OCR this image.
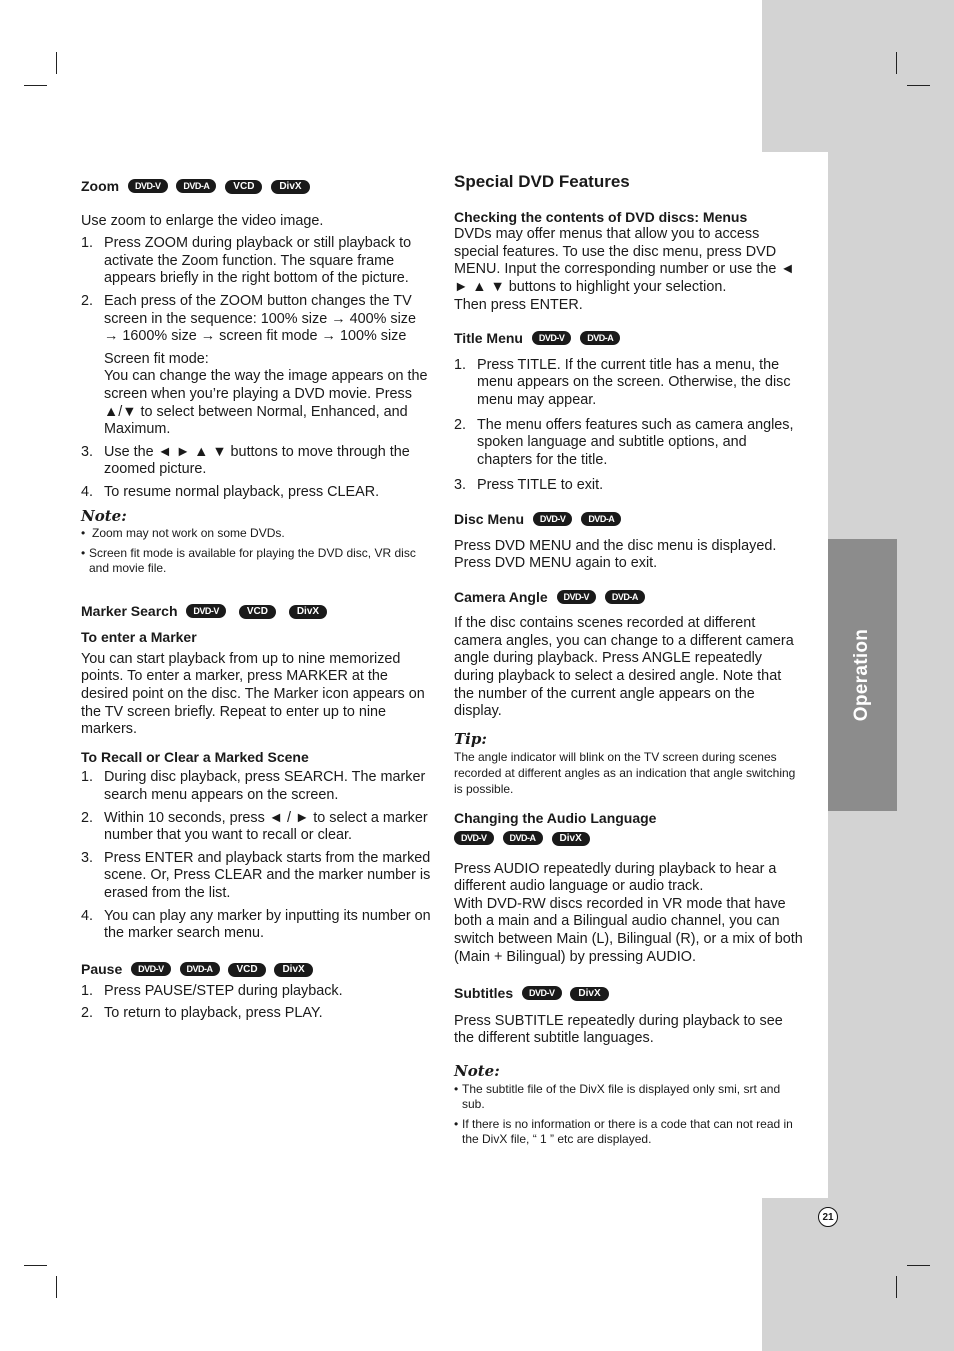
Operation
21
Zoom DVD-V	DVD-A VCD DivX

Use zoom to enlarge the video image.

1. Press ZOOM during playback or still playback to activate the Zoom function. The square frame appears briefly in the right bottom of the picture.
2. Each press of the ZOOM button changes the TV screen in the sequence: 100% size → 400% size → 1600% size → screen fit mode → 100% size

Screen fit mode:

You can change the way the image appears on the screen when you’re playing a DVD movie. Press ▲/▼ to select between Normal, Enhanced, and Maximum.

3. Use the ◄ ► ▲ ▼ buttons to move through the zoomed picture.
4. To resume normal playback, press CLEAR.
Note:
• Zoom may not work on some DVDs.
• Screen fit mode is available for playing the DVD disc, VR disc and movie file.
Marker Search DVD-V	VCD	DivX
To enter a Marker

You can start playback from up to nine memorized points. To enter a marker, press MARKER at the desired point on the disc. The Marker icon appears on the TV screen briefly. Repeat to enter up to nine markers.

To Recall or Clear a Marked Scene
1. During disc playback, press SEARCH. The marker search menu appears on the screen.
2. Within 10 seconds, press ◄ / ► to select a marker number that you want to recall or clear.
3. Press ENTER and playback starts from the marked scene. Or, Press CLEAR and the marker number is erased from the list.
4. You can play any marker by inputting its number on the marker search menu.
Pause DVD-V	DVD-A VCD DivX
1. Press PAUSE/STEP during playback.
2. To return to playback, press PLAY.
Special DVD Features
Checking the contents of DVD discs: Menus

DVDs may offer menus that allow you to access special features. To use the disc menu, press DVD MENU. Input the corresponding number or use the ◄ ► ▲ ▼ buttons to highlight your selection.

Then press ENTER.

Title Menu DVD-V	DVD-A
1. Press TITLE. If the current title has a menu, the menu appears on the screen. Otherwise, the disc menu may appear.
2. The menu offers features such as camera angles, spoken language and subtitle options, and chapters for the title.
3. Press TITLE to exit.
Disc Menu DVD-V	DVD-A

Press DVD MENU and the disc menu is displayed. Press DVD MENU again to exit.

Camera Angle DVD-V	DVD-A

If the disc contains scenes recorded at different camera angles, you can change to a different camera angle during playback. Press ANGLE repeatedly during playback to select a desired angle. Note that the number of the current angle appears on the display.

Tip:

The angle indicator will blink on the TV screen during scenes recorded at different angles as an indication that angle switching is possible.

Changing the Audio Language
DVD-V	DVD-A DivX

Press AUDIO repeatedly during playback to hear a different audio language or audio track.

With DVD-RW discs recorded in VR mode that have both a main and a Bilingual audio channel, you can switch between Main (L), Bilingual (R), or a mix of both (Main + Bilingual) by pressing AUDIO.

Subtitles DVD-V DivX

Press SUBTITLE repeatedly during playback to see the different subtitle languages.

Note:
• The subtitle file of the DivX file is displayed only smi, srt and sub.
• If there is no information or there is a code that can not read in the DivX file, “ 1 ” etc are displayed.
